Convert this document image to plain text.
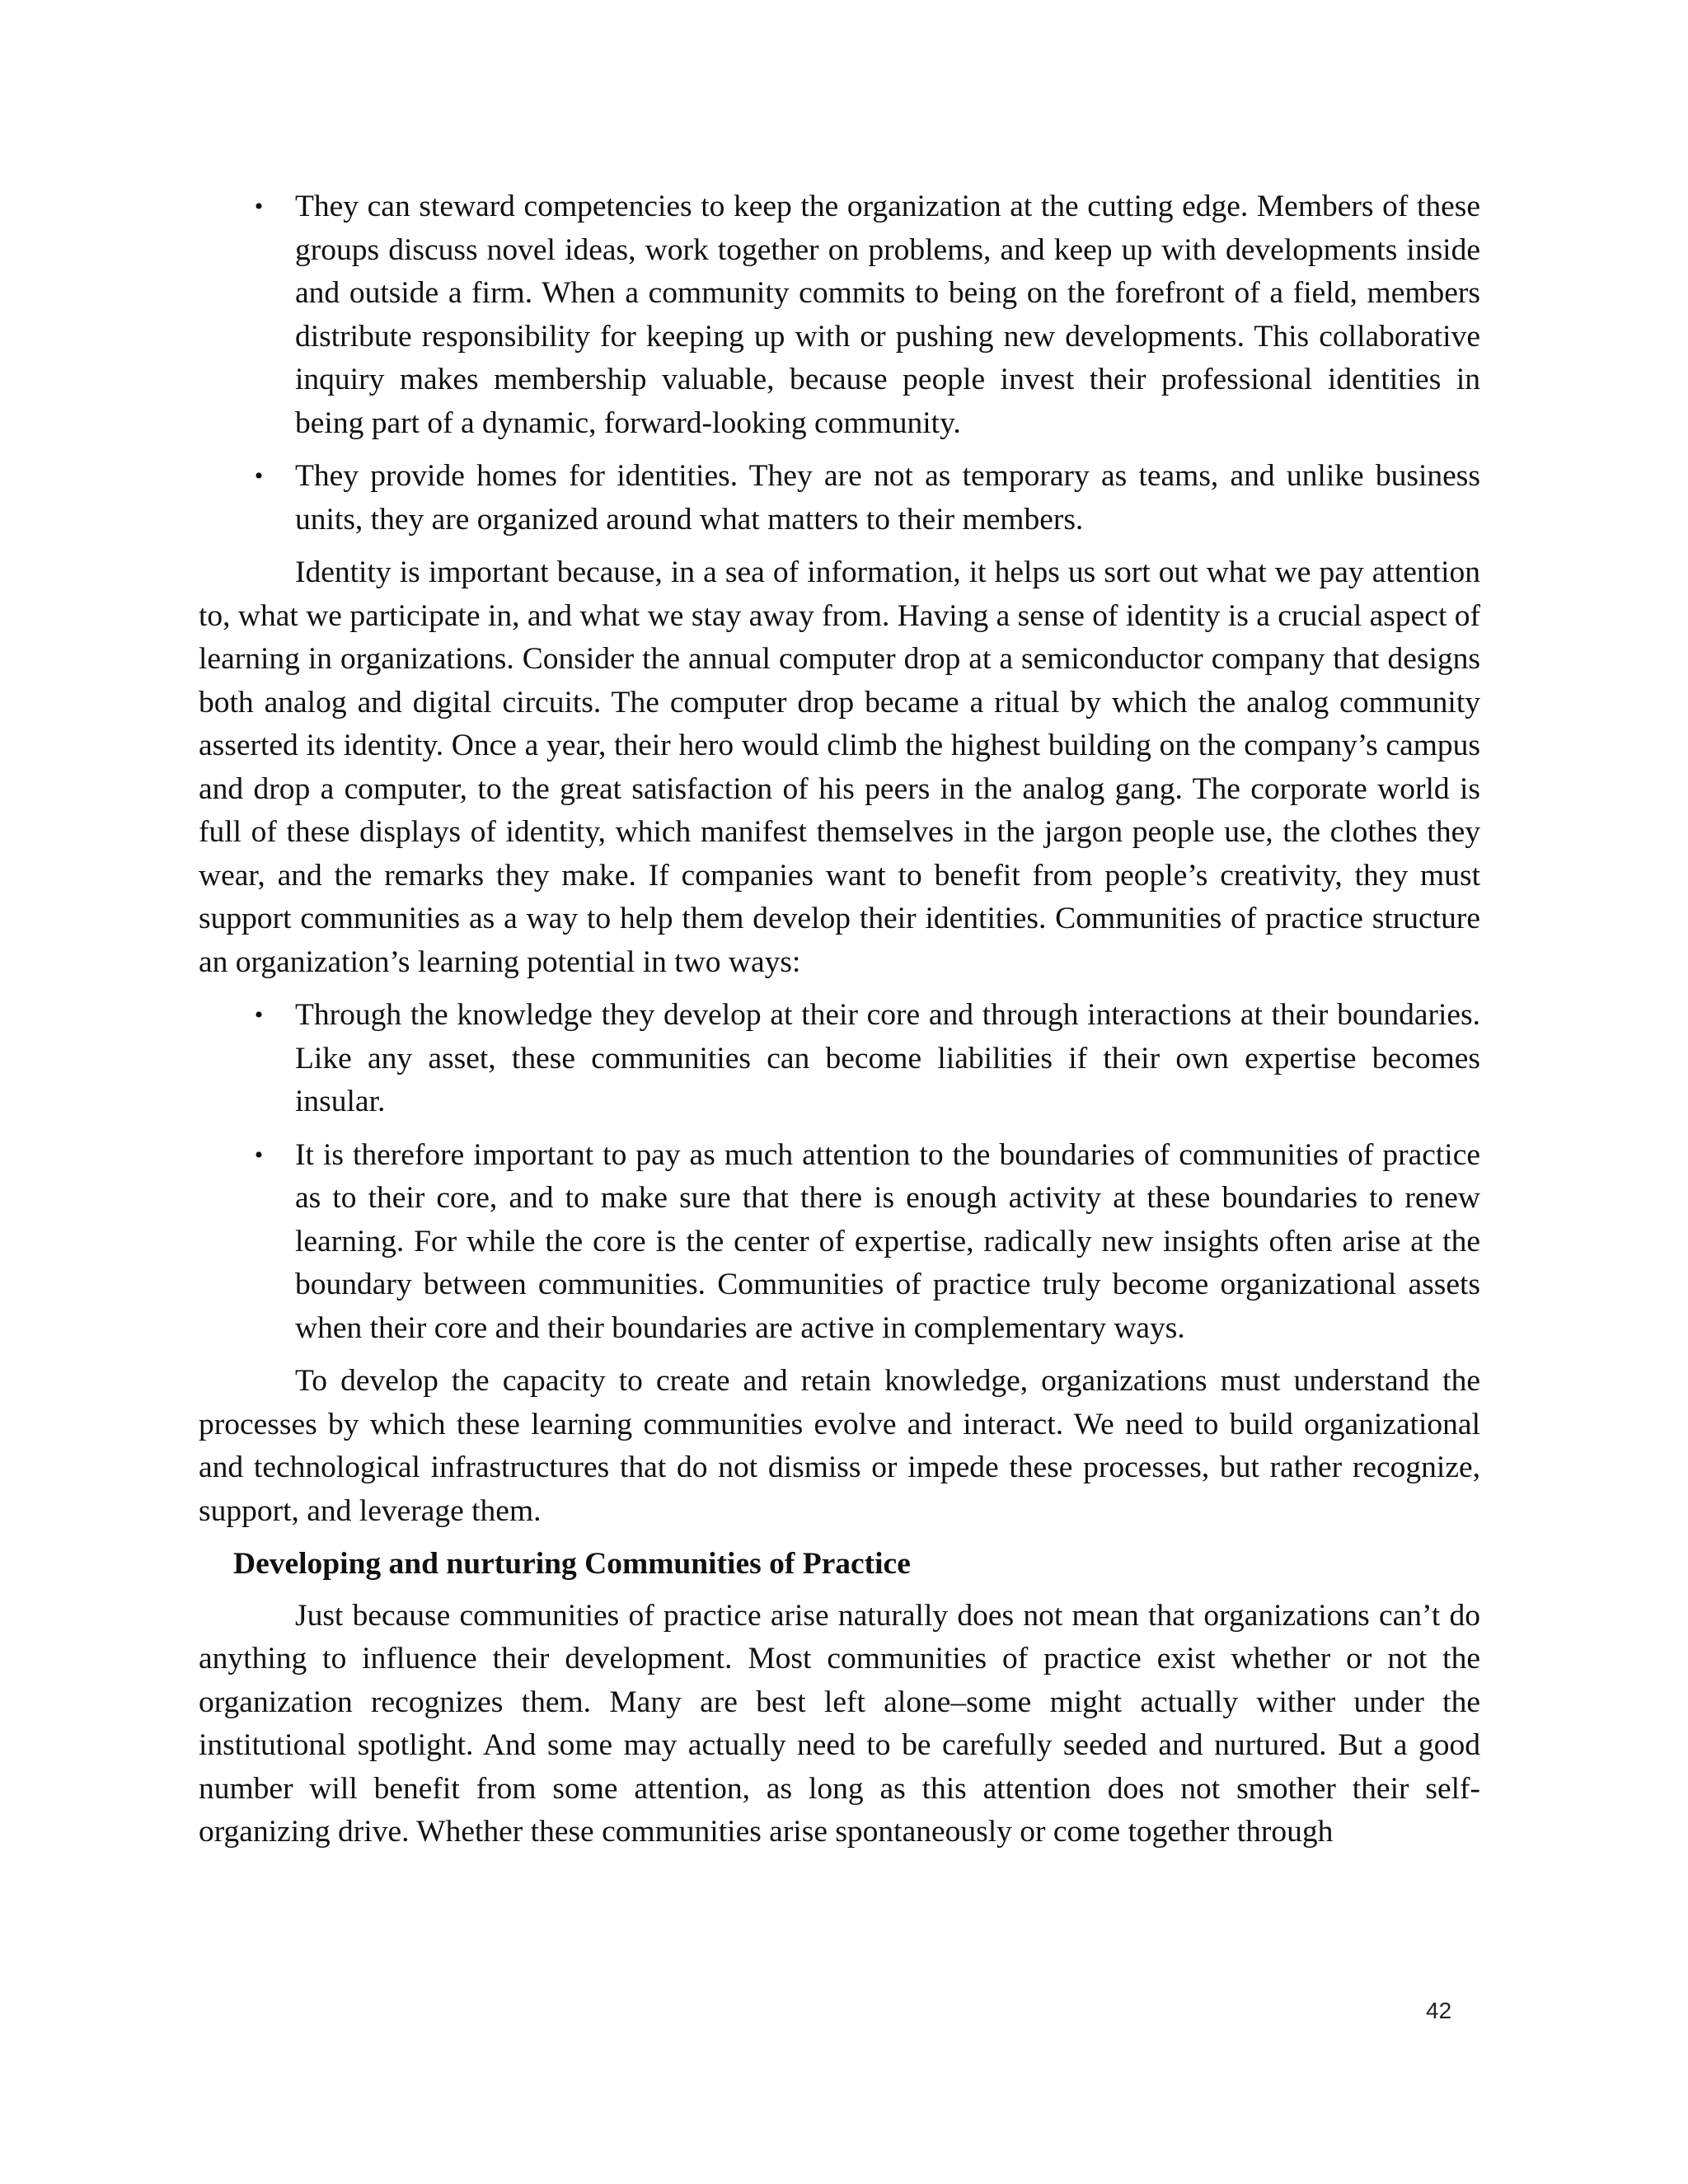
• They can steward competencies to keep the organization at the cutting edge. Members of these groups discuss novel ideas, work together on problems, and keep up with developments inside and outside a firm. When a community commits to being on the forefront of a field, members distribute responsibility for keeping up with or pushing new developments. This collaborative inquiry makes membership valuable, because people invest their professional identities in being part of a dynamic, forward-looking community.
• They provide homes for identities. They are not as temporary as teams, and unlike business units, they are organized around what matters to their members.

Identity is important because, in a sea of information, it helps us sort out what we pay attention to, what we participate in, and what we stay away from. Having a sense of identity is a crucial aspect of learning in organizations. Consider the annual computer drop at a semiconductor company that designs both analog and digital circuits. The computer drop became a ritual by which the analog community asserted its identity. Once a year, their hero would climb the highest building on the company’s campus and drop a computer, to the great satisfaction of his peers in the analog gang. The corporate world is full of these displays of identity, which manifest themselves in the jargon people use, the clothes they wear, and the remarks they make. If companies want to benefit from people’s creativity, they must support communities as a way to help them develop their identities. Communities of practice structure an organization’s learning potential in two ways:

• Through the knowledge they develop at their core and through interactions at their boundaries. Like any asset, these communities can become liabilities if their own expertise becomes insular.
• It is therefore important to pay as much attention to the boundaries of communities of practice as to their core, and to make sure that there is enough activity at these boundaries to renew learning. For while the core is the center of expertise, radically new insights often arise at the boundary between communities. Communities of practice truly become organizational assets when their core and their boundaries are active in complementary ways.

To develop the capacity to create and retain knowledge, organizations must understand the processes by which these learning communities evolve and interact. We need to build organizational and technological infrastructures that do not dismiss or impede these processes, but rather recognize, support, and leverage them.

Developing and nurturing Communities of Practice

Just because communities of practice arise naturally does not mean that organizations can’t do anything to influence their development. Most communities of practice exist whether or not the organization recognizes them. Many are best left alone–some might actually wither under the institutional spotlight. And some may actually need to be carefully seeded and nurtured. But a good number will benefit from some attention, as long as this attention does not smother their self-organizing drive. Whether these communities arise spontaneously or come together through

42
